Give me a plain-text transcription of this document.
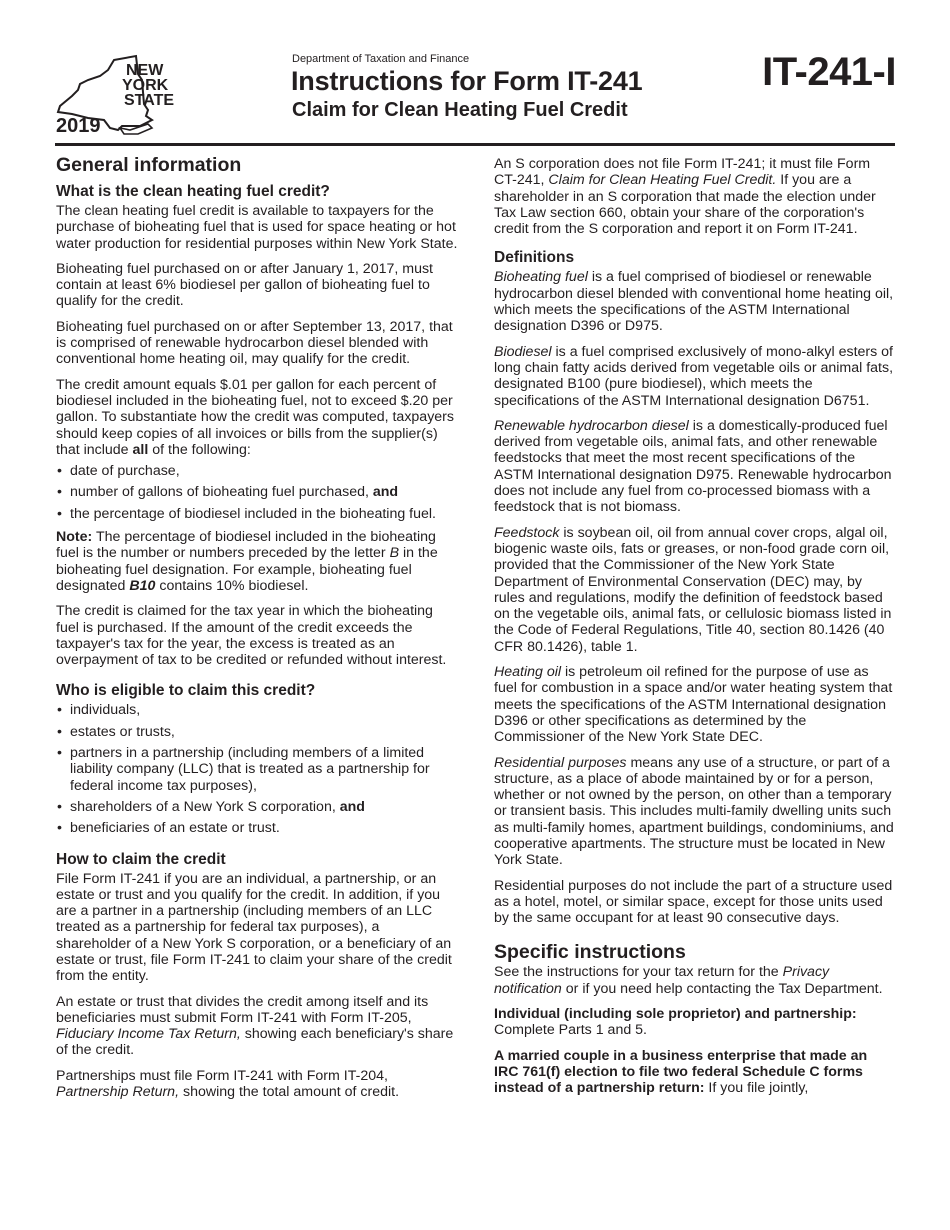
NEW
YORK
STATE
2019
Department of Taxation and Finance
Instructions for Form IT-241
Claim for Clean Heating Fuel Credit
IT-241-I
General information
What is the clean heating fuel credit?

The clean heating fuel credit is available to taxpayers for the purchase of bioheating fuel that is used for space heating or hot water production for residential purposes within New York State.

Bioheating fuel purchased on or after January 1, 2017, must contain at least 6% biodiesel per gallon of bioheating fuel to qualify for the credit.

Bioheating fuel purchased on or after September 13, 2017, that is comprised of renewable hydrocarbon diesel blended with conventional home heating oil, may qualify for the credit.

The credit amount equals $.01 per gallon for each percent of biodiesel included in the bioheating fuel, not to exceed $.20 per gallon. To substantiate how the credit was computed, taxpayers should keep copies of all invoices or bills from the supplier(s) that include all of the following:

• date of purchase,
• number of gallons of bioheating fuel purchased, and
• the percentage of biodiesel included in the bioheating fuel.

Note: The percentage of biodiesel included in the bioheating fuel is the number or numbers preceded by the letter B in the bioheating fuel designation. For example, bioheating fuel designated B10 contains 10% biodiesel.

The credit is claimed for the tax year in which the bioheating fuel is purchased. If the amount of the credit exceeds the taxpayer's tax for the year, the excess is treated as an overpayment of tax to be credited or refunded without interest.

Who is eligible to claim this credit?
• individuals,
• estates or trusts,
• partners in a partnership (including members of a limited liability company (LLC) that is treated as a partnership for federal income tax purposes),
• shareholders of a New York S corporation, and
• beneficiaries of an estate or trust.
How to claim the credit

File Form IT-241 if you are an individual, a partnership, or an estate or trust and you qualify for the credit. In addition, if you are a partner in a partnership (including members of an LLC treated as a partnership for federal tax purposes), a shareholder of a New York S corporation, or a beneficiary of an estate or trust, file Form IT-241 to claim your share of the credit from the entity.

An estate or trust that divides the credit among itself and its beneficiaries must submit Form IT-241 with Form IT-205, Fiduciary Income Tax Return, showing each beneficiary's share of the credit.

Partnerships must file Form IT-241 with Form IT-204, Partnership Return, showing the total amount of credit.

An S corporation does not file Form IT-241; it must file Form CT-241, Claim for Clean Heating Fuel Credit. If you are a shareholder in an S corporation that made the election under Tax Law section 660, obtain your share of the corporation's credit from the S corporation and report it on Form IT-241.

Definitions

Bioheating fuel is a fuel comprised of biodiesel or renewable hydrocarbon diesel blended with conventional home heating oil, which meets the specifications of the ASTM International designation D396 or D975.

Biodiesel is a fuel comprised exclusively of mono-alkyl esters of long chain fatty acids derived from vegetable oils or animal fats, designated B100 (pure biodiesel), which meets the specifications of the ASTM International designation D6751.

Renewable hydrocarbon diesel is a domestically-produced fuel derived from vegetable oils, animal fats, and other renewable feedstocks that meet the most recent specifications of the ASTM International designation D975. Renewable hydrocarbon does not include any fuel from co-processed biomass with a feedstock that is not biomass.

Feedstock is soybean oil, oil from annual cover crops, algal oil, biogenic waste oils, fats or greases, or non-food grade corn oil, provided that the Commissioner of the New York State Department of Environmental Conservation (DEC) may, by rules and regulations, modify the definition of feedstock based on the vegetable oils, animal fats, or cellulosic biomass listed in the Code of Federal Regulations, Title 40, section 80.1426 (40 CFR 80.1426), table 1.

Heating oil is petroleum oil refined for the purpose of use as fuel for combustion in a space and/or water heating system that meets the specifications of the ASTM International designation D396 or other specifications as determined by the Commissioner of the New York State DEC.

Residential purposes means any use of a structure, or part of a structure, as a place of abode maintained by or for a person, whether or not owned by the person, on other than a temporary or transient basis. This includes multi-family dwelling units such as multi-family homes, apartment buildings, condominiums, and cooperative apartments. The structure must be located in New York State.

Residential purposes do not include the part of a structure used as a hotel, motel, or similar space, except for those units used by the same occupant for at least 90 consecutive days.

Specific instructions

See the instructions for your tax return for the Privacy notification or if you need help contacting the Tax Department.

Individual (including sole proprietor) and partnership: Complete Parts 1 and 5.

A married couple in a business enterprise that made an IRC 761(f) election to file two federal Schedule C forms instead of a partnership return: If you file jointly,
